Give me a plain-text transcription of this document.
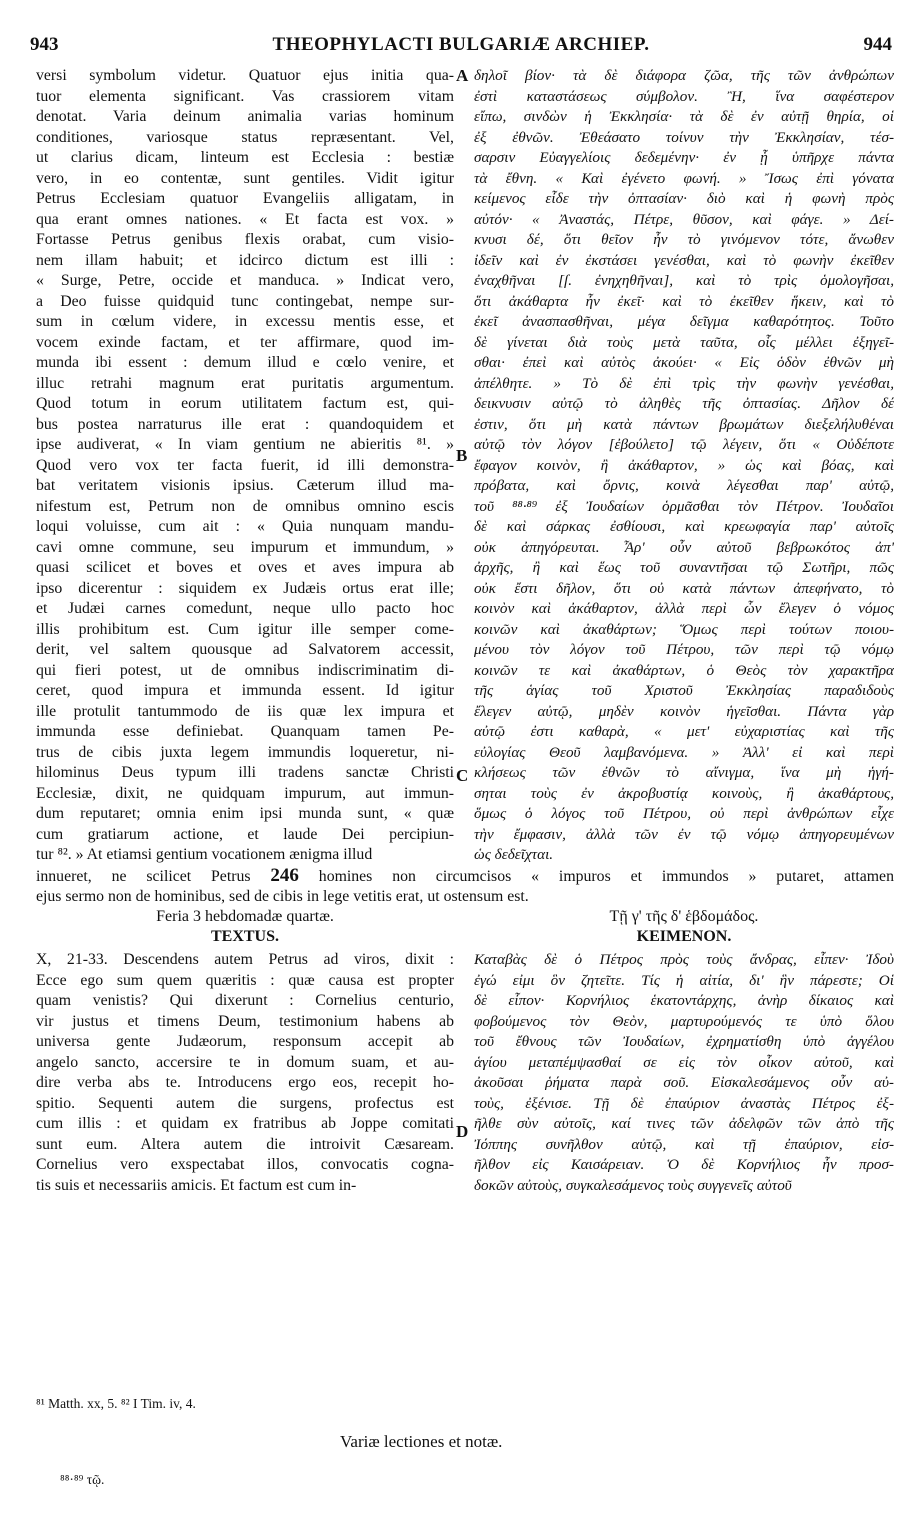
943	THEOPHYLACTI BULGARIÆ ARCHIEP.	944
A
B
C
D
versi symbolum videtur. Quatuor ejus initia qua-
tuor elementa significant. Vas crassiorem vitam
denotat. Varia deinum animalia varias hominum
conditiones, variosque status repræsentant. Vel,
ut clarius dicam, linteum est Ecclesia : bestiæ
vero, in eo contentæ, sunt gentiles. Vidit igitur
Petrus Ecclesiam quatuor Evangeliis alligatam, in
qua erant omnes nationes. « Et facta est vox. »
Fortasse Petrus genibus flexis orabat, cum visio-
nem illam habuit; et idcirco dictum est illi :
« Surge, Petre, occide et manduca. » Indicat vero,
a Deo fuisse quidquid tunc contingebat, nempe sur-
sum in cœlum videre, in excessu mentis esse, et
vocem exinde factam, et ter affirmare, quod im-
munda ibi essent : demum illud e cœlo venire, et
illuc retrahi magnum erat puritatis argumentum.
Quod totum in eorum utilitatem factum est, qui-
bus postea narraturus ille erat : quandoquidem et
ipse audiverat, « In viam gentium ne abieritis ⁸¹. »
Quod vero vox ter facta fuerit, id illi demonstra-
bat veritatem visionis ipsius. Cæterum illud ma-
nifestum est, Petrum non de omnibus omnino escis
loqui voluisse, cum ait : « Quia nunquam mandu-
cavi omne commune, seu impurum et immundum, »
quasi scilicet et boves et oves et aves impura ab
ipso dicerentur : siquidem ex Judæis ortus erat ille;
et Judæi carnes comedunt, neque ullo pacto hoc
illis prohibitum est. Cum igitur ille semper come-
derit, vel saltem quousque ad Salvatorem accessit,
qui fieri potest, ut de omnibus indiscriminatim di-
ceret, quod impura et immunda essent. Id igitur
ille protulit tantummodo de iis quæ lex impura et
immunda esse definiebat. Quanquam tamen Pe-
trus de cibis juxta legem immundis loqueretur, ni-
hilominus Deus typum illi tradens sanctæ Christi
Ecclesiæ, dixit, ne quidquam impurum, aut immun-
dum reputaret; omnia enim ipsi munda sunt, « quæ
cum gratiarum actione, et laude Dei percipiun-
tur ⁸². » At etiamsi gentium vocationem ænigma illud
δηλοῖ βίον· τὰ δὲ διάφορα ζῶα, τῆς τῶν ἀνθρώπων
ἐστὶ καταστάσεως σύμβολον. Ἢ, ἵνα σαφέστερον
εἴπω, σινδὼν ἡ Ἐκκλησία· τὰ δὲ ἐν αὐτῇ θηρία, οἱ
ἐξ ἐθνῶν. Ἐθεάσατο τοίνυν τὴν Ἐκκλησίαν, τέσ-
σαρσιν Εὐαγγελίοις δεδεμένην· ἐν ᾗ ὑπῆρχε πάντα
τὰ ἔθνη. « Καὶ ἐγένετο φωνή. » Ἴσως ἐπὶ γόνατα
κείμενος εἶδε τὴν ὀπτασίαν· διὸ καὶ ἡ φωνὴ πρὸς
αὐτόν· « Ἀναστάς, Πέτρε, θῦσον, καὶ φάγε. » Δεί-
κνυσι δέ, ὅτι θεῖον ἦν τὸ γινόμενον τότε, ἄνωθεν
ἰδεῖν καὶ ἐν ἐκστάσει γενέσθαι, καὶ τὸ φωνὴν ἐκεῖθεν
ἐναχθῆναι [ſ. ἐνηχηθῆναι], καὶ τὸ τρὶς ὁμολογῆσαι,
ὅτι ἀκάθαρτα ἦν ἐκεῖ· καὶ τὸ ἐκεῖθεν ἥκειν, καὶ τὸ
ἐκεῖ ἀνασπασθῆναι, μέγα δεῖγμα καθαρότητος. Τοῦτο
δὲ γίνεται διὰ τοὺς μετὰ ταῦτα, οἷς μέλλει ἐξηγεῖ-
σθαι· ἐπεὶ καὶ αὐτὸς ἀκούει· « Εἰς ὁδὸν ἐθνῶν μὴ
ἀπέλθητε. » Τὸ δὲ ἐπὶ τρὶς τὴν φωνὴν γενέσθαι,
δεικνυσιν αὐτῷ τὸ ἀληθὲς τῆς ὀπτασίας. Δῆλον δέ
ἐστιν, ὅτι μὴ κατὰ πάντων βρωμάτων διεξελήλυθέναι
αὐτῷ τὸν λόγον [ἐβούλετο] τῷ λέγειν, ὅτι « Οὐδέποτε
ἔφαγον κοινὸν, ἢ ἀκάθαρτον, » ὡς καὶ βόας, καὶ
πρόβατα, καὶ ὄρνις, κοινὰ λέγεσθαι παρ' αὐτῷ,
τοῦ ⁸⁸·⁸⁹ ἐξ Ἰουδαίων ὁρμᾶσθαι τὸν Πέτρον. Ἰουδαῖοι
δὲ καὶ σάρκας ἐσθίουσι, καὶ κρεωφαγία παρ' αὐτοῖς
οὐκ ἀπηγόρευται. Ἆρ' οὖν αὐτοῦ βεβρωκότος ἀπ'
ἀρχῆς, ἢ καὶ ἕως τοῦ συναντῆσαι τῷ Σωτῆρι, πῶς
οὐκ ἔστι δῆλον, ὅτι οὐ κατὰ πάντων ἀπεφήνατο, τὸ
κοινὸν καὶ ἀκάθαρτον, ἀλλὰ περὶ ὧν ἔλεγεν ὁ νόμος
κοινῶν καὶ ἀκαθάρτων; Ὅμως περὶ τούτων ποιου-
μένου τὸν λόγον τοῦ Πέτρου, τῶν περὶ τῷ νόμῳ
κοινῶν τε καὶ ἀκαθάρτων, ὁ Θεὸς τὸν χαρακτῆρα
τῆς ἁγίας τοῦ Χριστοῦ Ἐκκλησίας παραδιδοὺς
ἔλεγεν αὐτῷ, μηδὲν κοινὸν ἡγεῖσθαι. Πάντα γὰρ
αὐτῷ ἐστι καθαρὰ, « μετ' εὐχαριστίας καὶ τῆς
εὐλογίας Θεοῦ λαμβανόμενα. » Ἀλλ' εἰ καὶ περὶ
κλήσεως τῶν ἐθνῶν τὸ αἴνιγμα, ἵνα μὴ ἡγή-
σηται τοὺς ἐν ἀκροβυστίᾳ κοινοὺς, ἢ ἀκαθάρτους,
ὅμως ὁ λόγος τοῦ Πέτρου, οὐ περὶ ἀνθρώπων εἶχε
τὴν ἔμφασιν, ἀλλὰ τῶν ἐν τῷ νόμῳ ἀπηγορευμένων
ὡς δεδεῖχται.
innueret, ne scilicet Petrus 246 homines non circumcisos « impuros et immundos » putaret, attamen
ejus sermo non de hominibus, sed de cibis in lege vetitis erat, ut ostensum est.
Feria 3 hebdomadæ quartæ.
TEXTUS.
Τῇ γ' τῆς δ' ἑβδομάδος.
ΚΕΙΜΕΝΟΝ.
X, 21-33. Descendens autem Petrus ad viros, dixit :
Ecce ego sum quem quæritis : quæ causa est propter
quam venistis? Qui dixerunt : Cornelius centurio,
vir justus et timens Deum, testimonium habens ab
universa gente Judæorum, responsum accepit ab
angelo sancto, accersire te in domum suam, et au-
dire verba abs te. Introducens ergo eos, recepit ho-
spitio. Sequenti autem die surgens, profectus est
cum illis : et quidam ex fratribus ab Joppe comitati
sunt eum. Altera autem die introivit Cæsaream.
Cornelius vero exspectabat illos, convocatis cogna-
tis suis et necessariis amicis. Et factum est cum in-
Καταβὰς δὲ ὁ Πέτρος πρὸς τοὺς ἄνδρας, εἶπεν· Ἰδοὺ
ἐγώ εἰμι ὃν ζητεῖτε. Τίς ἡ αἰτία, δι' ἣν πάρεστε; Οἱ
δὲ εἶπον· Κορνήλιος ἑκατοντάρχης, ἀνὴρ δίκαιος καὶ
φοβούμενος τὸν Θεὸν, μαρτυρούμενός τε ὑπὸ ὅλου
τοῦ ἔθνους τῶν Ἰουδαίων, ἐχρηματίσθη ὑπὸ ἀγγέλου
ἁγίου μεταπέμψασθαί σε εἰς τὸν οἶκον αὐτοῦ, καὶ
ἀκοῦσαι ῥήματα παρὰ σοῦ. Εἰσκαλεσάμενος οὖν αὐ-
τοὺς, ἐξένισε. Τῇ δὲ ἐπαύριον ἀναστὰς Πέτρος ἐξ-
ῆλθε σὺν αὐτοῖς, καί τινες τῶν ἀδελφῶν τῶν ἀπὸ τῆς
Ἰόππης συνῆλθον αὐτῷ, καὶ τῇ ἐπαύριον, εἰσ-
ῆλθον εἰς Καισάρειαν. Ὁ δὲ Κορνήλιος ἦν προσ-
δοκῶν αὐτοὺς, συγκαλεσάμενος τοὺς συγγενεῖς αὐτοῦ
⁸¹ Matth. xx, 5. ⁸² I Tim. iv, 4.
Variæ lectiones et notæ.
⁸⁸·⁸⁹ τῷ.
